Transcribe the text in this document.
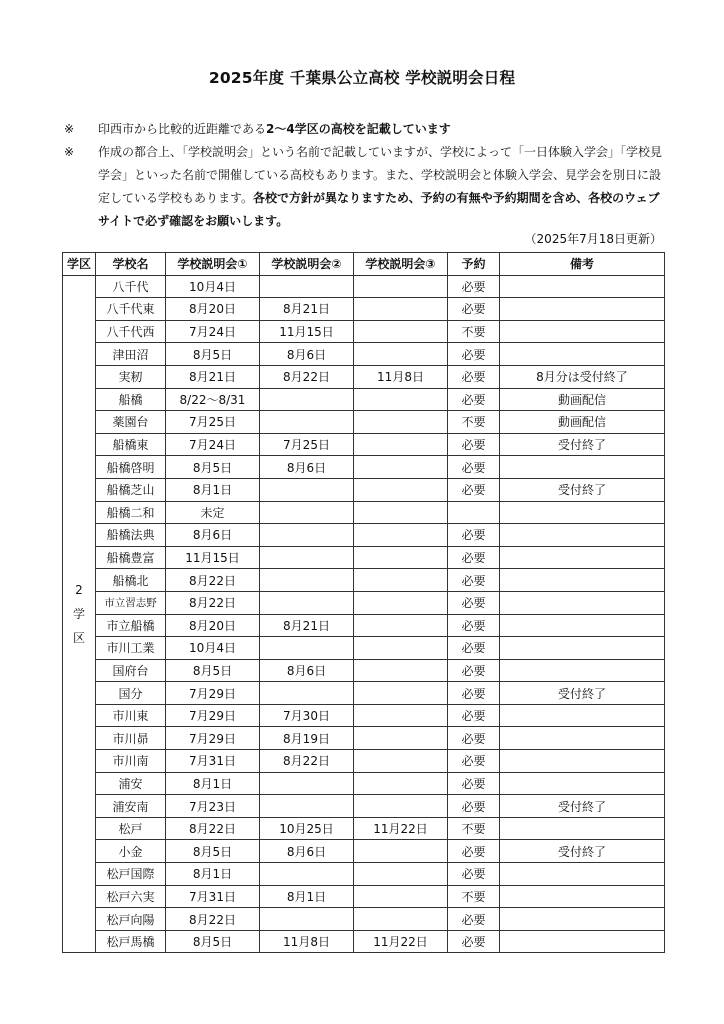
2025年度 千葉県公立高校 学校説明会日程
※	印西市から比較的近距離である2〜4学区の高校を記載しています
※	作成の都合上、「学校説明会」という名前で記載していますが、学校によって「一日体験入学会」「学校見学会」といった名前で開催している高校もあります。また、学校説明会と体験入学会、見学会を別日に設定している学校もあります。各校で方針が異なりますため、予約の有無や予約期間を含め、各校のウェブサイトで必ず確認をお願いします。
（2025年7月18日更新）
学区	学校名	学校説明会①	学校説明会②	学校説明会③	予約	備考

2
学
区	八千代	10月4日			必要	
	八千代東	8月20日	8月21日		必要	
	八千代西	7月24日	11月15日		不要	
	津田沼	8月5日	8月6日		必要	
	実籾	8月21日	8月22日	11月8日	必要	8月分は受付終了
	船橋	8/22〜8/31			必要	動画配信
	薬園台	7月25日			不要	動画配信
	船橋東	7月24日	7月25日		必要	受付終了
	船橋啓明	8月5日	8月6日		必要	
	船橋芝山	8月1日			必要	受付終了
	船橋二和	未定				
	船橋法典	8月6日			必要	
	船橋豊富	11月15日			必要	
	船橋北	8月22日			必要	
	市立習志野	8月22日			必要	
	市立船橋	8月20日	8月21日		必要	
	市川工業	10月4日			必要	
	国府台	8月5日	8月6日		必要	
	国分	7月29日			必要	受付終了
	市川東	7月29日	7月30日		必要	
	市川昴	7月29日	8月19日		必要	
	市川南	7月31日	8月22日		必要	
	浦安	8月1日			必要	
	浦安南	7月23日			必要	受付終了
	松戸	8月22日	10月25日	11月22日	不要	
	小金	8月5日	8月6日		必要	受付終了
	松戸国際	8月1日			必要	
	松戸六実	7月31日	8月1日		不要	
	松戸向陽	8月22日			必要	
	松戸馬橋	8月5日	11月8日	11月22日	必要	
